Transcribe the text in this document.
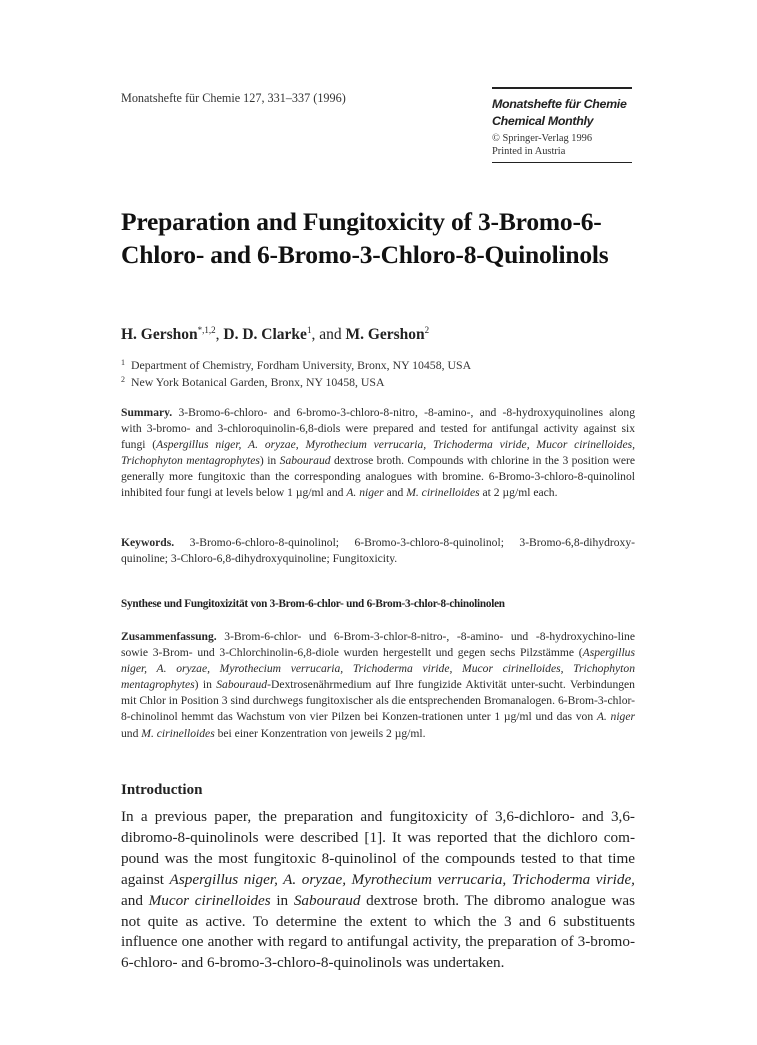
Monatshefte für Chemie 127, 331–337 (1996)	Monatshefte für Chemie
Chemical Monthly
© Springer-Verlag 1996
Printed in Austria
Preparation and Fungitoxicity of 3-Bromo-6-Chloro- and 6-Bromo-3-Chloro-8-Quinolinols
H. Gershon$^{*,1,2}$, D. D. Clarke$^1$, and M. Gershon$^2$
$^1$ Department of Chemistry, Fordham University, Bronx, NY 10458, USA
$^2$ New York Botanical Garden, Bronx, NY 10458, USA

Summary. 3-Bromo-6-chloro- and 6-bromo-3-chloro-8-nitro, -8-amino-, and -8-hydroxyquinolines along with 3-bromo- and 3-chloroquinolin-6,8-diols were prepared and tested for antifungal activity against six fungi (Aspergillus niger, A. oryzae, Myrothecium verrucaria, Trichoderma viride, Mucor cirinelloides, Trichophyton mentagrophytes) in Sabouraud dextrose broth. Compounds with chlorine in the 3 position were generally more fungitoxic than the corresponding analogues with bromine. 6-Bromo-3-chloro-8-quinolinol inhibited four fungi at levels below 1 µg/ml and A. niger and M. cirinelloides at 2 µg/ml each.

Keywords. 3-Bromo-6-chloro-8-quinolinol; 6-Bromo-3-chloro-8-quinolinol; 3-Bromo-6,8-dihydroxy-quinoline; 3-Chloro-6,8-dihydroxyquinoline; Fungitoxicity.

Synthese und Fungitoxizität von 3-Brom-6-chlor- und 6-Brom-3-chlor-8-chinolinolen

Zusammenfassung. 3-Brom-6-chlor- und 6-Brom-3-chlor-8-nitro-, -8-amino- und -8-hydroxychino-line sowie 3-Brom- und 3-Chlorchinolin-6,8-diole wurden hergestellt und gegen sechs Pilzstämme (Aspergillus niger, A. oryzae, Myrothecium verrucaria, Trichoderma viride, Mucor cirinelloides, Trichophyton mentagrophytes) in Sabouraud-Dextrosenährmedium auf Ihre fungizide Aktivität unter-sucht. Verbindungen mit Chlor in Position 3 sind durchwegs fungitoxischer als die entsprechenden Bromanalogen. 6-Brom-3-chlor-8-chinolinol hemmt das Wachstum von vier Pilzen bei Konzen-trationen unter 1 µg/ml und das von A. niger und M. cirinelloides bei einer Konzentration von jeweils 2 µg/ml.

Introduction

In a previous paper, the preparation and fungitoxicity of 3,6-dichloro- and 3,6-dibromo-8-quinolinols were described [1]. It was reported that the dichloro com-pound was the most fungitoxic 8-quinolinol of the compounds tested to that time against Aspergillus niger, A. oryzae, Myrothecium verrucaria, Trichoderma viride, and Mucor cirinelloides in Sabouraud dextrose broth. The dibromo analogue was not quite as active. To determine the extent to which the 3 and 6 substituents influence one another with regard to antifungal activity, the preparation of 3-bromo-6-chloro- and 6-bromo-3-chloro-8-quinolinols was undertaken.
